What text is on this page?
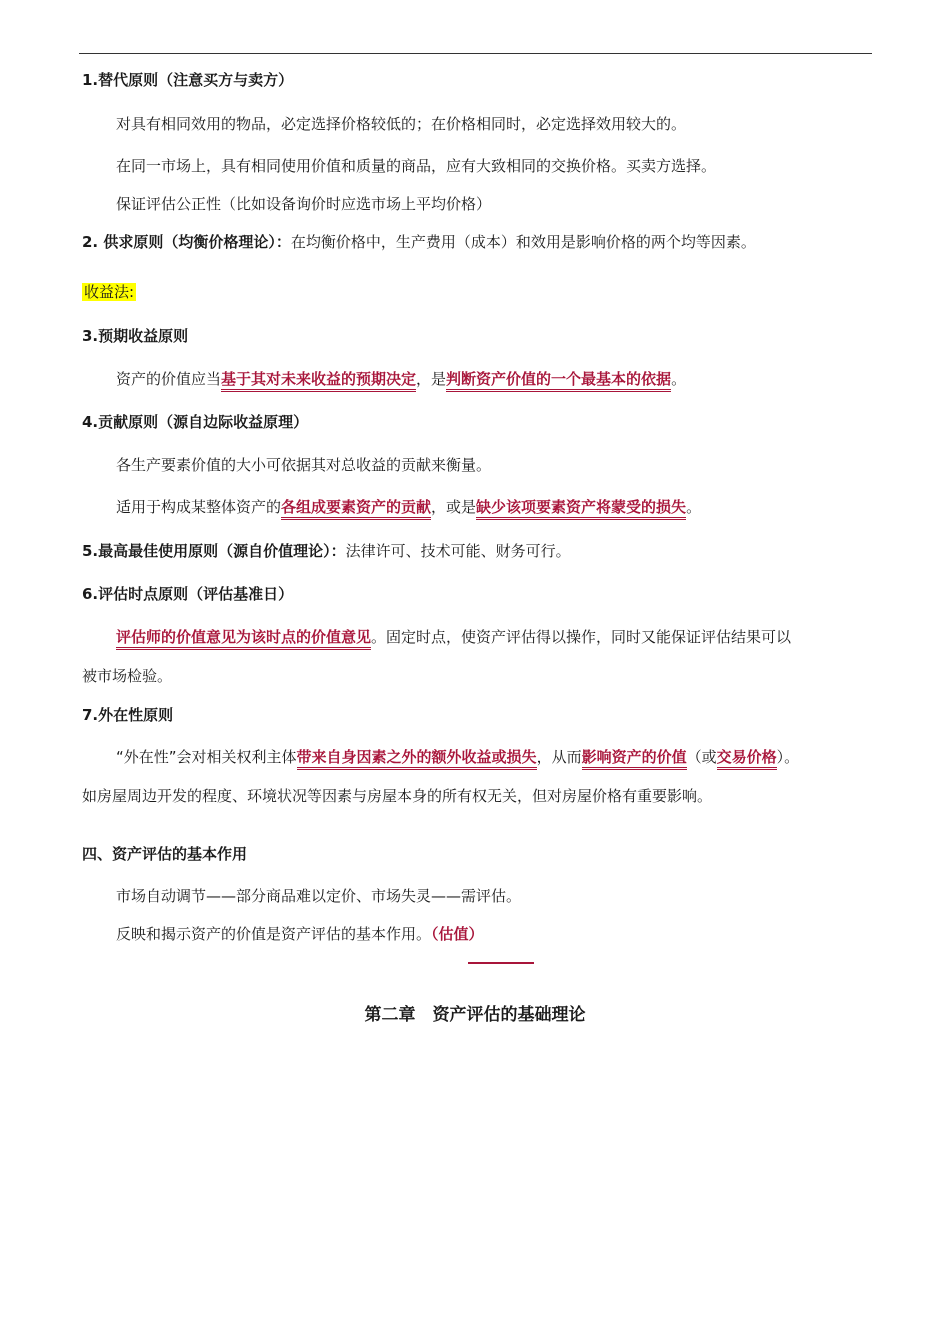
1.替代原则（注意买方与卖方）
对具有相同效用的物品，必定选择价格较低的；在价格相同时，必定选择效用较大的。
在同一市场上，具有相同使用价值和质量的商品，应有大致相同的交换价格。买卖方选择。
保证评估公正性（比如设备询价时应选市场上平均价格）
2. 供求原则（均衡价格理论）：在均衡价格中，生产费用（成本）和效用是影响价格的两个均等因素。
收益法:
3.预期收益原则
资产的价值应当基于其对未来收益的预期决定，是判断资产价值的一个最基本的依据。
4.贡献原则（源自边际收益原理）
各生产要素价值的大小可依据其对总收益的贡献来衡量。
适用于构成某整体资产的各组成要素资产的贡献，或是缺少该项要素资产将蒙受的损失。
5.最高最佳使用原则（源自价值理论）：法律许可、技术可能、财务可行。
6.评估时点原则（评估基准日）
评估师的价值意见为该时点的价值意见。固定时点，使资产评估得以操作，同时又能保证评估结果可以
被市场检验。
7.外在性原则
“外在性”会对相关权利主体带来自身因素之外的额外收益或损失，从而影响资产的价值（或交易价格）。
如房屋周边开发的程度、环境状况等因素与房屋本身的所有权无关，但对房屋价格有重要影响。
四、资产评估的基本作用
市场自动调节——部分商品难以定价、市场失灵——需评估。
反映和揭示资产的价值是资产评估的基本作用。（估值）
第二章　资产评估的基础理论
